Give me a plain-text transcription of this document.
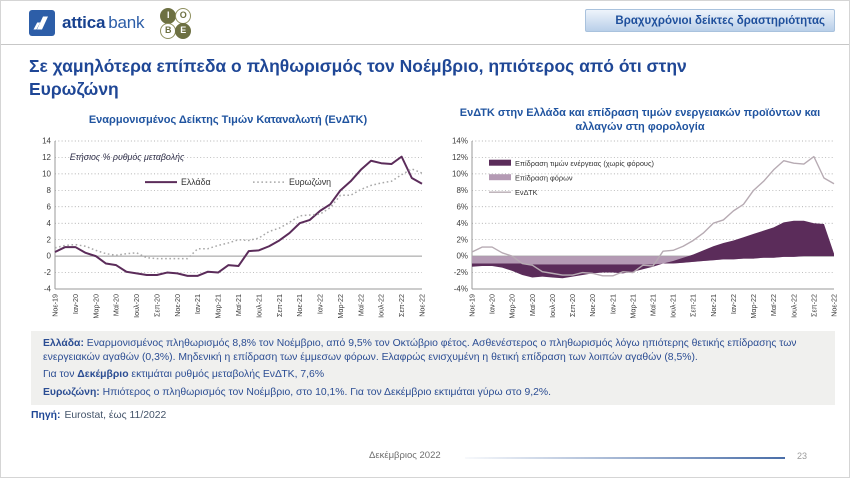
attica bank	I	O
B E
Βραχυχρόνιοι δείκτες δραστηριότητας
Σε χαμηλότερα επίπεδα ο πληθωρισμός τον Νοέμβριο, ηπιότερος από ότι στην Ευρωζώνη
Εναρμονισμένος Δείκτης Τιμών Καταναλωτή (ΕνΔΤΚ)
-4
-2
0
2
4
6
8
10
12
14
Νοε-19 Ιαν-20 Μαρ-20 Μαϊ-20 Ιουλ-20 Σεπ-20 Νοε-20 Ιαν-21 Μαρ-21 Μαϊ-21 Ιουλ-21 Σεπ-21 Νοε-21 Ιαν-22 Μαρ-22 Μαϊ-22 Ιουλ-22 Σεπ-22 Νοε-22
Ελλάδα	Ευρωζώνη
Ετήσιος % ρυθμός μεταβολής
ΕνΔΤΚ στην Ελλάδα και επίδραση τιμών ενεργειακών προϊόντων και αλλαγών στη φορολογία
-4%
-2%
0%
2%
4%
6%
8%
10%
12%
14%
Νοε-19 Ιαν-20 Μαρ-20 Μαϊ-20 Ιουλ-20 Σεπ-20 Νοε-20 Ιαν-21 Μαρ-21 Μαϊ-21 Ιουλ-21 Σεπ-21 Νοε-21 Ιαν-22 Μαρ-22 Μαϊ-22 Ιουλ-22 Σεπ-22 Νοε-22
Επίδραση τιμών ενέργειας (χωρίς φόρους)
Επίδραση φόρων
ΕνΔΤΚ

Ελλάδα: Εναρμονισμένος πληθωρισμός 8,8% τον Νοέμβριο, από 9,5% τον Οκτώβριο φέτος. Ασθενέστερος ο πληθωρισμός λόγω ηπιότερης θετικής επίδρασης των ενεργειακών αγαθών (0,3%). Μηδενική η επίδραση των έμμεσων φόρων. Ελαφρώς ενισχυμένη η θετική επίδραση των λοιπών αγαθών (8,5%).

Για τον Δεκέμβριο εκτιμάται ρυθμός μεταβολής ΕνΔΤΚ, 7,6%

Ευρωζώνη: Ηπιότερος ο πληθωρισμός τον Νοέμβριο, στο 10,1%. Για τον Δεκέμβριο εκτιμάται γύρω στο 9,2%.

Πηγή: Eurostat, έως 11/2022
Δεκέμβριος 2022	23
